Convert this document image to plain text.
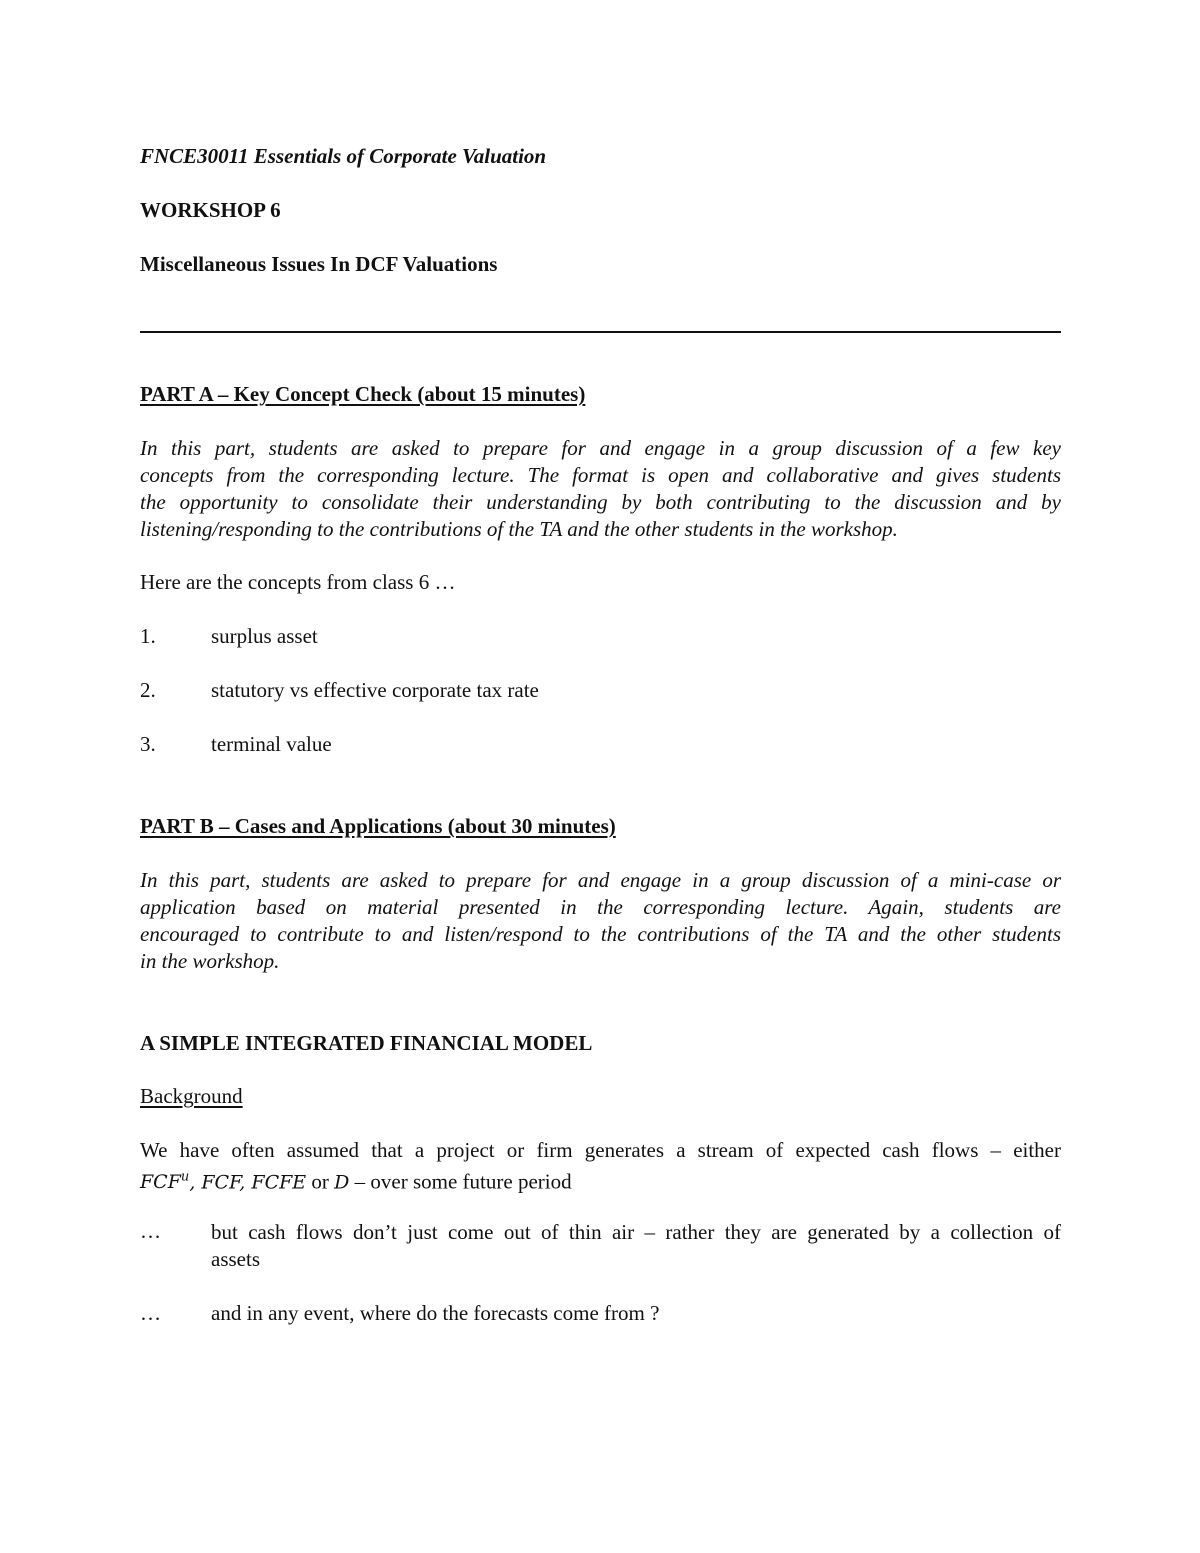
FNCE30011 Essentials of Corporate Valuation
WORKSHOP 6
Miscellaneous Issues In DCF Valuations
PART A – Key Concept Check (about 15 minutes)
In this part, students are asked to prepare for and engage in a group discussion of a few key
concepts from the corresponding lecture. The format is open and collaborative and gives students
the opportunity to consolidate their understanding by both contributing to the discussion and by
listening/responding to the contributions of the TA and the other students in the workshop.
Here are the concepts from class 6 …
1.	surplus asset
2.	statutory vs effective corporate tax rate
3.	terminal value
PART B – Cases and Applications (about 30 minutes)
In this part, students are asked to prepare for and engage in a group discussion of a mini-case or
application based on material presented in the corresponding lecture. Again, students are
encouraged to contribute to and listen/respond to the contributions of the TA and the other students
in the workshop.
A SIMPLE INTEGRATED FINANCIAL MODEL
Background
We have often assumed that a project or firm generates a stream of expected cash flows – either
FCF$^u$, FCF, FCFE or D – over some future period
… but cash flows don’t just come out of thin air – rather they are generated by a collection of
assets
… and in any event, where do the forecasts come from ?
